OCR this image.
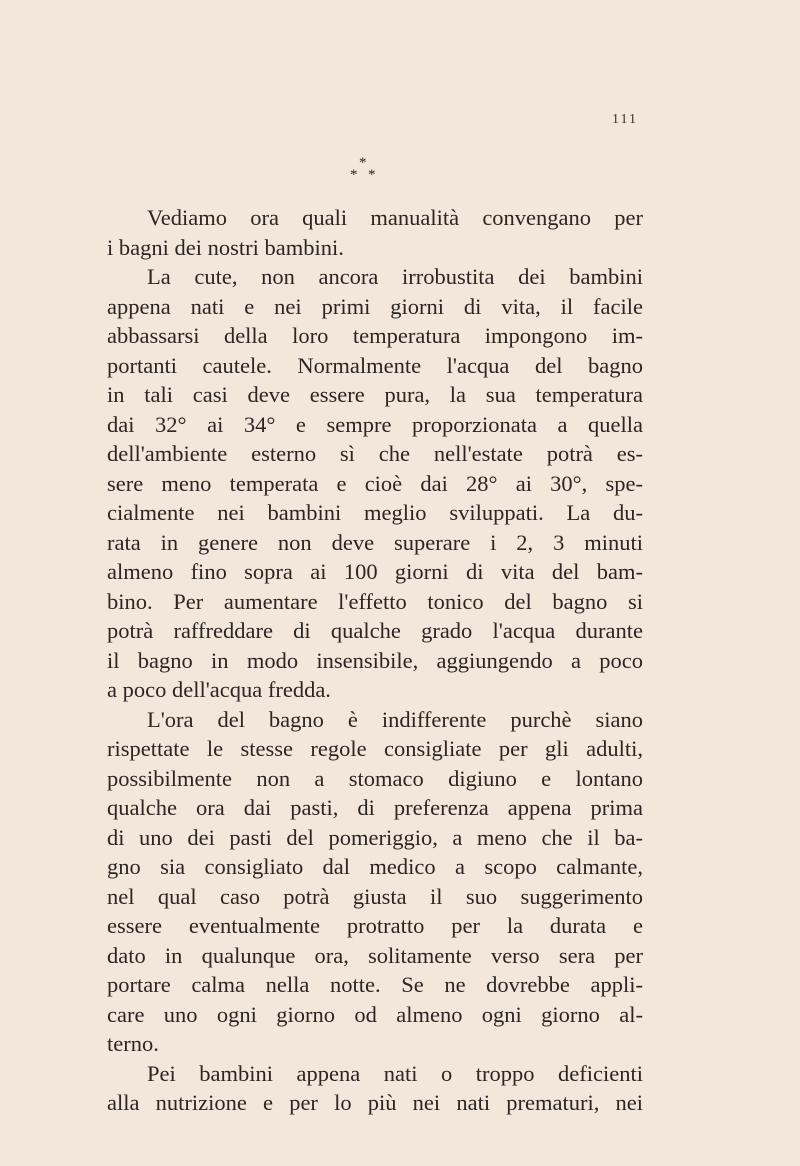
111
*
* *
Vediamo ora quali manualità convengano per
i bagni dei nostri bambini.
La cute, non ancora irrobustita dei bambini
appena nati e nei primi giorni di vita, il facile
abbassarsi della loro temperatura impongono im-
portanti cautele. Normalmente l'acqua del bagno
in tali casi deve essere pura, la sua temperatura
dai 32° ai 34° e sempre proporzionata a quella
dell'ambiente esterno sì che nell'estate potrà es-
sere meno temperata e cioè dai 28° ai 30°, spe-
cialmente nei bambini meglio sviluppati. La du-
rata in genere non deve superare i 2, 3 minuti
almeno fino sopra ai 100 giorni di vita del bam-
bino. Per aumentare l'effetto tonico del bagno si
potrà raffreddare di qualche grado l'acqua durante
il bagno in modo insensibile, aggiungendo a poco
a poco dell'acqua fredda.
L'ora del bagno è indifferente purchè siano
rispettate le stesse regole consigliate per gli adulti,
possibilmente non a stomaco digiuno e lontano
qualche ora dai pasti, di preferenza appena prima
di uno dei pasti del pomeriggio, a meno che il ba-
gno sia consigliato dal medico a scopo calmante,
nel qual caso potrà giusta il suo suggerimento
essere eventualmente protratto per la durata e
dato in qualunque ora, solitamente verso sera per
portare calma nella notte. Se ne dovrebbe appli-
care uno ogni giorno od almeno ogni giorno al-
terno.
Pei bambini appena nati o troppo deficienti
alla nutrizione e per lo più nei nati prematuri, nei
